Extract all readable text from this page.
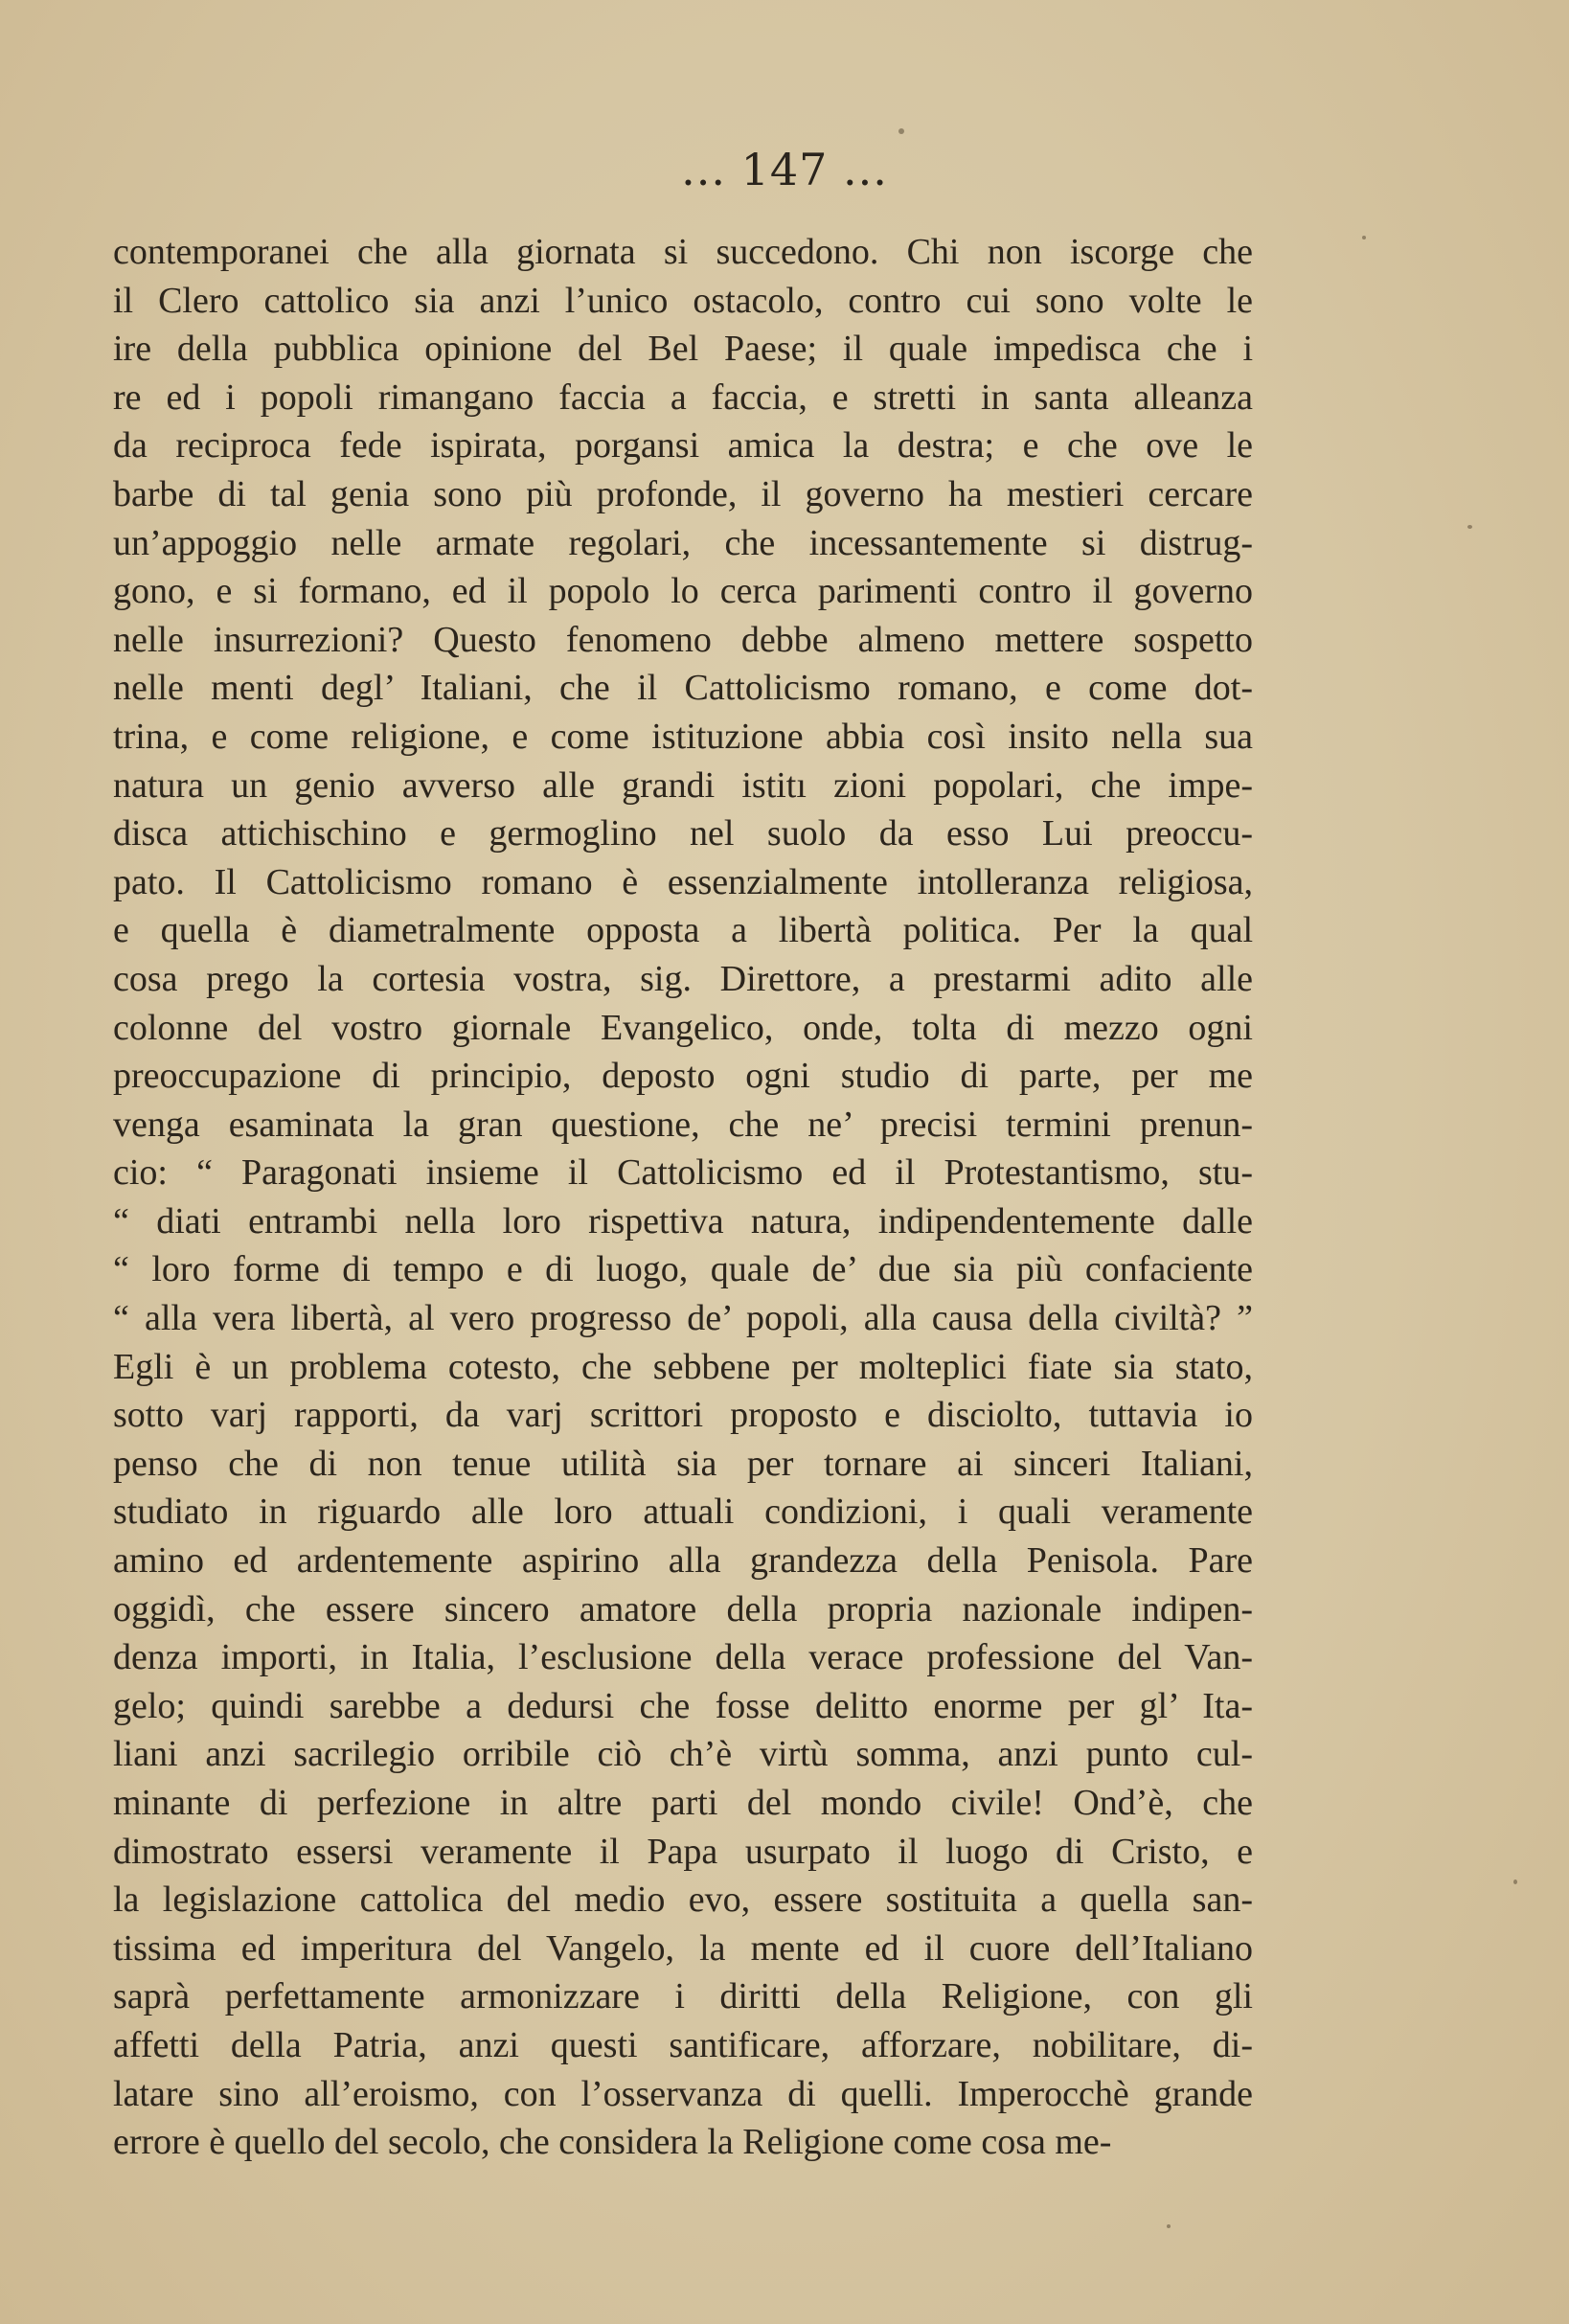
... 147 ...
contemporanei che alla giornata si succedono. Chi non iscorge che
il Clero cattolico sia anzi l’unico ostacolo, contro cui sono volte le
ire della pubblica opinione del Bel Paese; il quale impedisca che i
re ed i popoli rimangano faccia a faccia, e stretti in santa alleanza
da reciproca fede ispirata, porgansi amica la destra; e che ove le
barbe di tal genia sono più profonde, il governo ha mestieri cercare
un’appoggio nelle armate regolari, che incessantemente si distrug-
gono, e si formano, ed il popolo lo cerca parimenti contro il governo
nelle insurrezioni? Questo fenomeno debbe almeno mettere sospetto
nelle menti degl’ Italiani, che il Cattolicismo romano, e come dot-
trina, e come religione, e come istituzione abbia così insito nella sua
natura un genio avverso alle grandi istitı zioni popolari, che impe-
disca attichischino e germoglino nel suolo da esso Lui preoccu-
pato. Il Cattolicismo romano è essenzialmente intolleranza religiosa,
e quella è diametralmente opposta a libertà politica. Per la qual
cosa prego la cortesia vostra, sig. Direttore, a prestarmi adito alle
colonne del vostro giornale Evangelico, onde, tolta di mezzo ogni
preoccupazione di principio, deposto ogni studio di parte, per me
venga esaminata la gran questione, che ne’ precisi termini prenun-
cio: “ Paragonati insieme il Cattolicismo ed il Protestantismo, stu-
“ diati entrambi nella loro rispettiva natura, indipendentemente dalle
“ loro forme di tempo e di luogo, quale de’ due sia più confaciente
“ alla vera libertà, al vero progresso de’ popoli, alla causa della civiltà? ”
Egli è un problema cotesto, che sebbene per molteplici fiate sia stato,
sotto varj rapporti, da varj scrittori proposto e disciolto, tuttavia io
penso che di non tenue utilità sia per tornare ai sinceri Italiani,
studiato in riguardo alle loro attuali condizioni, i quali veramente
amino ed ardentemente aspirino alla grandezza della Penisola. Pare
oggidì, che essere sincero amatore della propria nazionale indipen-
denza importi, in Italia, l’esclusione della verace professione del Van-
gelo; quindi sarebbe a dedursi che fosse delitto enorme per gl’ Ita-
liani anzi sacrilegio orribile ciò ch’è virtù somma, anzi punto cul-
minante di perfezione in altre parti del mondo civile! Ond’è, che
dimostrato essersi veramente il Papa usurpato il luogo di Cristo, e
la legislazione cattolica del medio evo, essere sostituita a quella san-
tissima ed imperitura del Vangelo, la mente ed il cuore dell’Italiano
saprà perfettamente armonizzare i diritti della Religione, con gli
affetti della Patria, anzi questi santificare, afforzare, nobilitare, di-
latare sino all’eroismo, con l’osservanza di quelli. Imperocchè grande
errore è quello del secolo, che considera la Religione come cosa me-
